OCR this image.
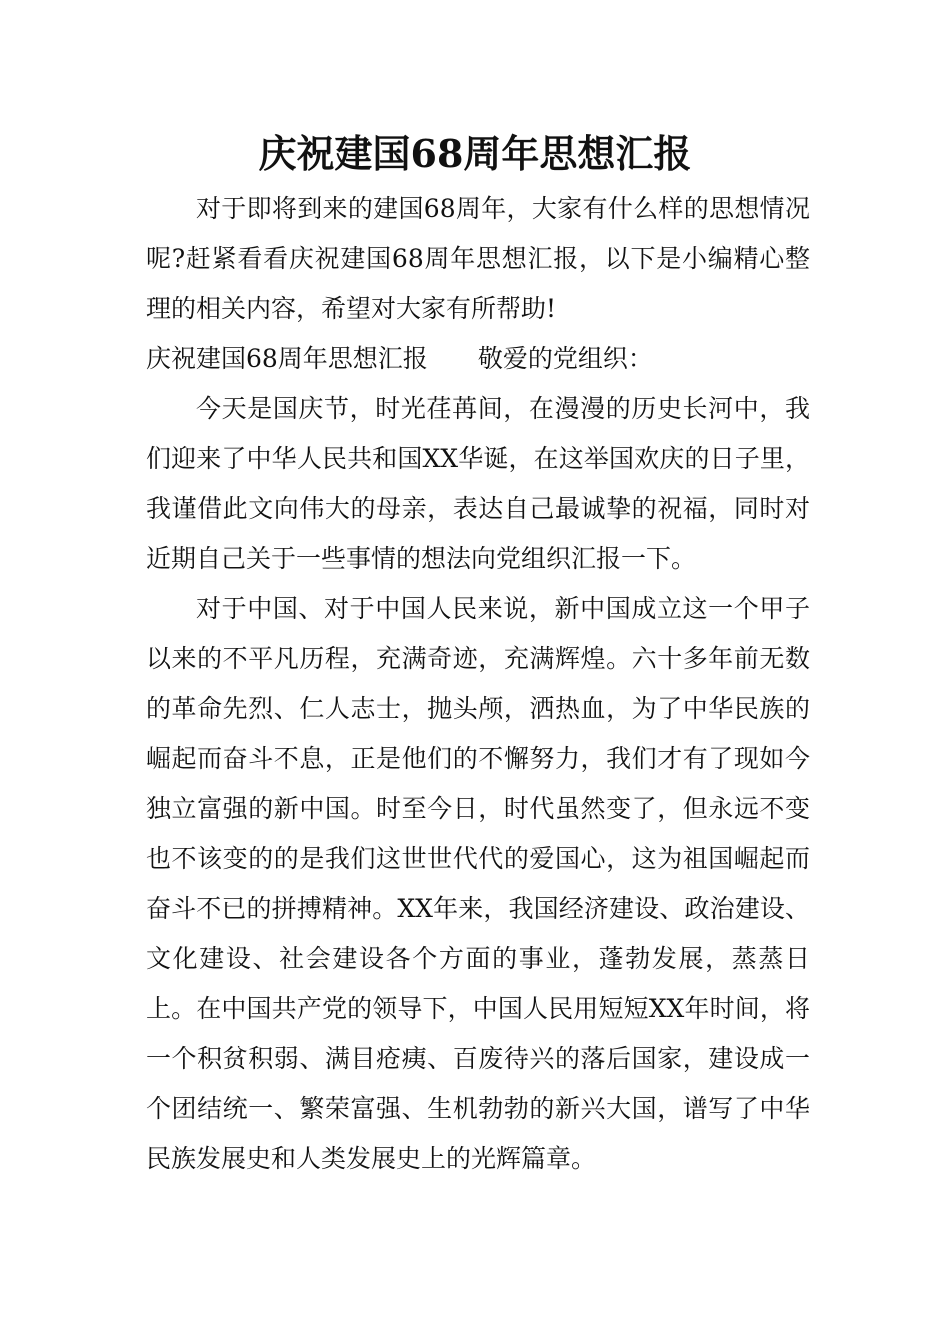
庆祝建国68周年思想汇报

对于即将到来的建国68周年，大家有什么样的思想情况呢?赶紧看看庆祝建国68周年思想汇报，以下是小编精心整理的相关内容，希望对大家有所帮助!

庆祝建国68周年思想汇报 敬爱的党组织：

今天是国庆节，时光荏苒间，在漫漫的历史长河中，我们迎来了中华人民共和国XX华诞，在这举国欢庆的日子里，我谨借此文向伟大的母亲，表达自己最诚挚的祝福，同时对近期自己关于一些事情的想法向党组织汇报一下。

对于中国、对于中国人民来说，新中国成立这一个甲子以来的不平凡历程，充满奇迹，充满辉煌。六十多年前无数的革命先烈、仁人志士，抛头颅，洒热血，为了中华民族的崛起而奋斗不息，正是他们的不懈努力，我们才有了现如今独立富强的新中国。时至今日，时代虽然变了，但永远不变也不该变的的是我们这世世代代的爱国心，这为祖国崛起而奋斗不已的拼搏精神。XX年来，我国经济建设、政治建设、文化建设、社会建设各个方面的事业，蓬勃发展，蒸蒸日上。在中国共产党的领导下，中国人民用短短XX年时间，将一个积贫积弱、满目疮痍、百废待兴的落后国家，建设成一个团结统一、繁荣富强、生机勃勃的新兴大国，谱写了中华民族发展史和人类发展史上的光辉篇章。
